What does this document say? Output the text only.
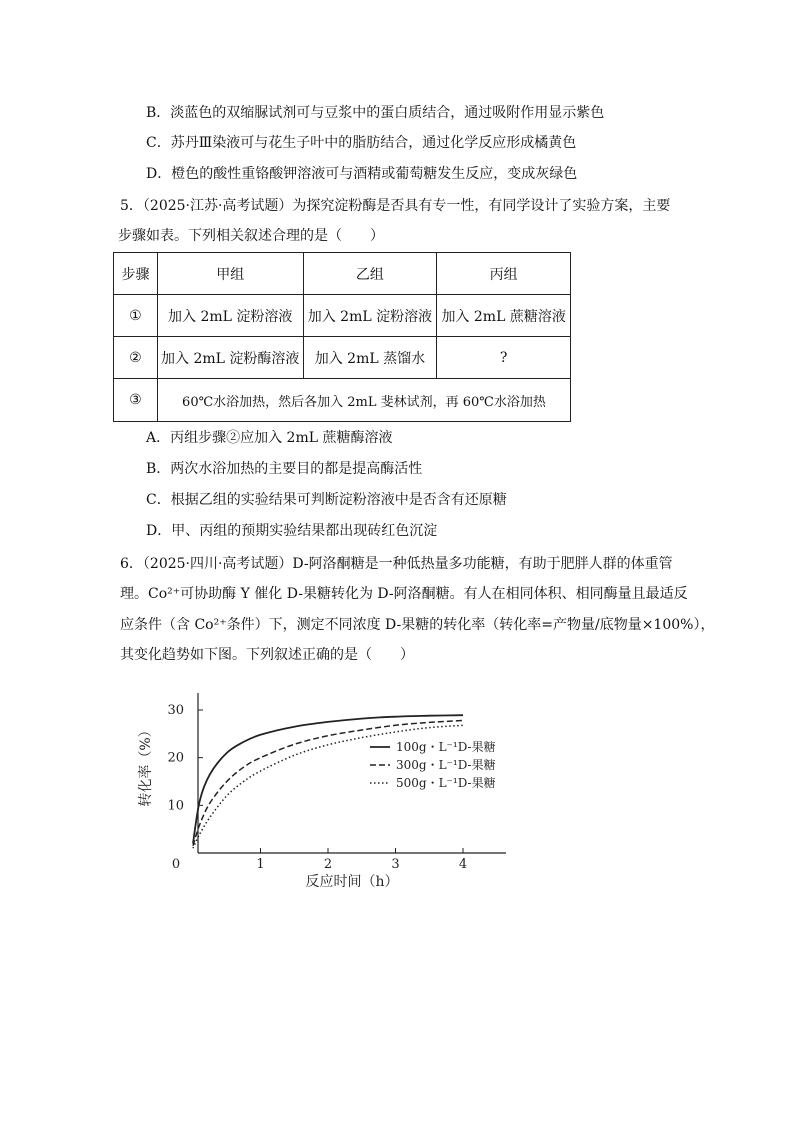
B．淡蓝色的双缩脲试剂可与豆浆中的蛋白质结合，通过吸附作用显示紫色
C．苏丹Ⅲ染液可与花生子叶中的脂肪结合，通过化学反应形成橘黄色
D．橙色的酸性重铬酸钾溶液可与酒精或葡萄糖发生反应，变成灰绿色
5．（2025·江苏·高考试题）为探究淀粉酶是否具有专一性，有同学设计了实验方案，主要
步骤如表。下列相关叙述合理的是（　　）
步骤	甲组	乙组	丙组
①	加入 2mL 淀粉溶液	加入 2mL 淀粉溶液	加入 2mL 蔗糖溶液
②	加入 2mL 淀粉酶溶液	加入 2mL 蒸馏水	?
③	60℃水浴加热，然后各加入 2mL 斐林试剂，再 60℃水浴加热		
A．丙组步骤②应加入 2mL 蔗糖酶溶液
B．两次水浴加热的主要目的都是提高酶活性
C．根据乙组的实验结果可判断淀粉溶液中是否含有还原糖
D．甲、丙组的预期实验结果都出现砖红色沉淀
6．（2025·四川·高考试题）D-阿洛酮糖是一种低热量多功能糖，有助于肥胖人群的体重管
理。Co²⁺可协助酶 Y 催化 D-果糖转化为 D-阿洛酮糖。有人在相同体积、相同酶量且最适反
应条件（含 Co²⁺条件）下，测定不同浓度 D-果糖的转化率（转化率=产物量/底物量×100%），
其变化趋势如下图。下列叙述正确的是（　　）
0	1	2	3	4
10
20
30
100g・L⁻¹D-果糖
300g・L⁻¹D-果糖
500g・L⁻¹D-果糖
转化率（%）
反应时间（h）
